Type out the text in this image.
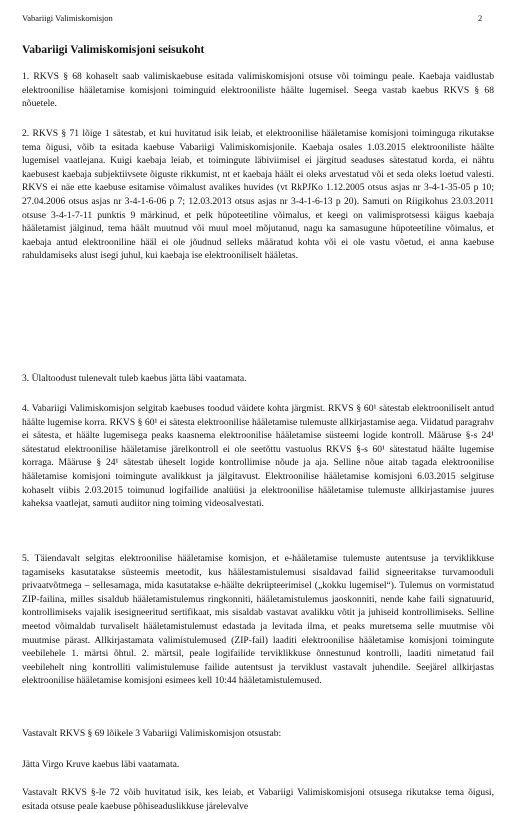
Vabariigi Valimiskomisjon	2
Vabariigi Valimiskomisjoni seisukoht

1. RKVS § 68 kohaselt saab valimiskaebuse esitada valimiskomisjoni otsuse või toimingu peale. Kaebaja vaidlustab elektroonilise hääletamise komisjoni toiminguid elektrooniliste häälte lugemisel. Seega vastab kaebus RKVS § 68 nõuetele.

2. RKVS § 71 lõige 1 sätestab, et kui huvitatud isik leiab, et elektroonilise hääletamise komisjoni toiminguga rikutakse tema õigusi, võib ta esitada kaebuse Vabariigi Valimiskomisjonile. Kaebaja osales 1.03.2015 elektrooniliste häälte lugemisel vaatlejana. Kuigi kaebaja leiab, et toimingute läbiviimisel ei järgitud seaduses sätestatud korda, ei nähtu kaebusest kaebaja subjektiivsete õiguste rikkumist, nt et kaebaja häält ei oleks arvestatud või et seda oleks loetud valesti. RKVS ei näe ette kaebuse esitamise võimalust avalikes huvides (vt RkPJKo 1.12.2005 otsus asjas nr 3-4-1-35-05 p 10; 27.04.2006 otsus asjas nr 3-4-1-6-06 p 7; 12.03.2013 otsus asjas nr 3-4-1-6-13 p 20). Samuti on Riigikohus 23.03.2011 otsuse 3-4-1-7-11 punktis 9 märkinud, et pelk hüpoteetiline võimalus, et keegi on valimisprotsessi käigus kaebaja hääletamist jälginud, tema häält muutnud või muul moel mõjutanud, nagu ka samasugune hüpoteetiline võimalus, et kaebaja antud elektrooniline hääl ei ole jõudnud selleks määratud kohta või ei ole vastu võetud, ei anna kaebuse rahuldamiseks alust isegi juhul, kui kaebaja ise elektrooniliselt hääletas.

3. Ülaltoodust tulenevalt tuleb kaebus jätta läbi vaatamata.

4. Vabariigi Valimiskomisjon selgitab kaebuses toodud väidete kohta järgmist. RKVS § 60¹ sätestab elektrooniliselt antud häälte lugemise korra. RKVS § 60¹ ei sätesta elektroonilise hääletamise tulemuste allkirjastamise aega. Viidatud paragrahv ei sätesta, et häälte lugemisega peaks kaasnema elektroonilise hääletamise süsteemi logide kontroll. Määruse §-s 24¹ sätestatud elektroonilise hääletamise järelkontroll ei ole seetõttu vastuolus RKVS §-s 60¹ sätestatud häälte lugemise korraga. Määruse § 24¹ sätestab üheselt logide kontrollimise nõude ja aja. Selline nõue aitab tagada elektroonilise hääletamise komisjoni toimingute avalikkust ja jälgitavust. Elektroonilise hääletamise komisjoni 6.03.2015 selgituse kohaselt viibis 2.03.2015 toimunud logifailide analüüsi ja elektroonilise hääletamise tulemuste allkirjastamise juures kaheksa vaatlejat, samuti audiitor ning toiming videosalvestati.

5. Täiendavalt selgitas elektroonilise hääletamise komisjon, et e-hääletamise tulemuste autentsuse ja terviklikkuse tagamiseks kasutatakse süsteemis meetodit, kus häälestamistulemusi sisaldavad failid signeeritakse turvamooduli privaatvõtmega – sellesamaga, mida kasutatakse e-häälte dekrüpteerimisel („kokku lugemisel“). Tulemus on vormistatud ZIP-failina, milles sisaldub hääletamistulemus ringkonniti, hääletamistulemus jaoskonniti, nende kahe faili signatuurid, kontrollimiseks vajalik isesigneeritud sertifikaat, mis sisaldab vastavat avalikku võtit ja juhiseid kontrollimiseks. Selline meetod võimaldab turvaliselt hääletamistulemust edastada ja levitada ilma, et peaks muretsema selle muutmise või muutmise pärast. Allkirjastamata valimistulemused (ZIP-fail) laaditi elektroonilise hääletamise komisjoni toimingute veebilehele 1. märtsi õhtul. 2. märtsil, peale logifailide terviklikkuse õnnestunud kontrolli, laaditi nimetatud fail veebilehelt ning kontrolliti valimistulemuse failide autentsust ja terviklust vastavalt juhendile. Seejärel allkirjastas elektroonilise hääletamise komisjoni esimees kell 10:44 hääletamistulemused.

Vastavalt RKVS § 69 lõikele 3 Vabariigi Valimiskomisjon otsustab:

Jätta Virgo Kruve kaebus läbi vaatamata.

Vastavalt RKVS §-le 72 võib huvitatud isik, kes leiab, et Vabariigi Valimiskomisjoni otsusega rikutakse tema õigusi, esitada otsuse peale kaebuse põhiseaduslikkuse järelevalve
